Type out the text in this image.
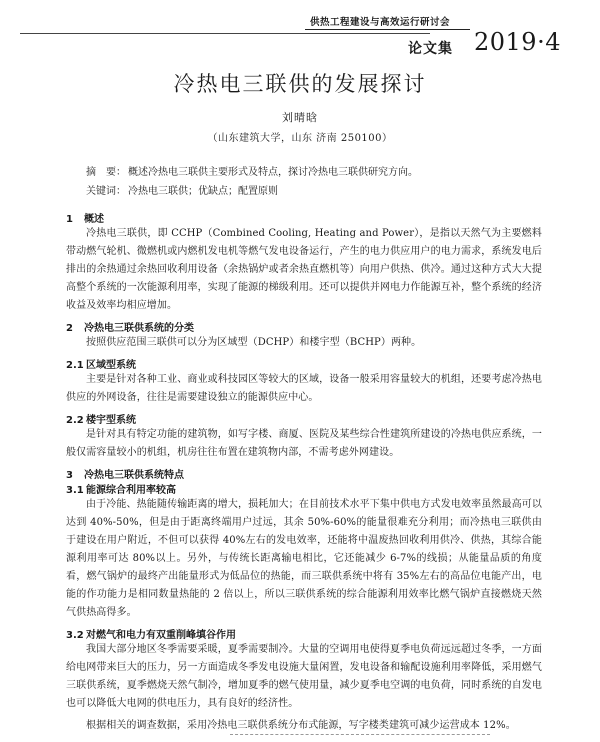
供热工程建设与高效运行研讨会
论文集 2019·4
冷热电三联供的发展探讨
刘晴晗
（山东建筑大学，山东 济南 250100）
摘　要： 概述冷热电三联供主要形式及特点，探讨冷热电三联供研究方向。
关键词： 冷热电三联供；优缺点；配置原则
1 概述

冷热电三联供，即 CCHP（Combined Cooling, Heating and Power），是指以天然气为主要燃料带动燃气轮机、微燃机或内燃机发电机等燃气发电设备运行，产生的电力供应用户的电力需求，系统发电后排出的余热通过余热回收利用设备（余热锅炉或者余热直燃机等）向用户供热、供冷。通过这种方式大大提高整个系统的一次能源利用率，实现了能源的梯级利用。还可以提供并网电力作能源互补，整个系统的经济收益及效率均相应增加。

2 冷热电三联供系统的分类

按照供应范围三联供可以分为区域型（DCHP）和楼宇型（BCHP）两种。

2.1 区域型系统

主要是针对各种工业、商业或科技园区等较大的区域，设备一般采用容量较大的机组，还要考虑冷热电供应的外网设备，往往是需要建设独立的能源供应中心。

2.2 楼宇型系统

是针对具有特定功能的建筑物，如写字楼、商厦、医院及某些综合性建筑所建设的冷热电供应系统，一般仅需容量较小的机组，机房往往布置在建筑物内部，不需考虑外网建设。

3 冷热电三联供系统特点
3.1 能源综合利用率较高

由于冷能、热能随传输距离的增大，损耗加大；在目前技术水平下集中供电方式发电效率虽然最高可以达到 40%-50%，但是由于距离终端用户过远，其余 50%-60%的能量很难充分利用；而冷热电三联供由于建设在用户附近，不但可以获得 40%左右的发电效率，还能将中温废热回收利用供冷、供热，其综合能源利用率可达 80%以上。另外，与传统长距离输电相比，它还能减少 6-7%的线损；从能量品质的角度看，燃气锅炉的最终产出能量形式为低品位的热能，而三联供系统中将有 35%左右的高品位电能产出，电能的作功能力是相同数量热能的 2 倍以上，所以三联供系统的综合能源利用效率比燃气锅炉直接燃烧天然气供热高得多。

3.2 对燃气和电力有双重削峰填谷作用

我国大部分地区冬季需要采暖，夏季需要制冷。大量的空调用电使得夏季电负荷远远超过冬季，一方面给电网带来巨大的压力，另一方面造成冬季发电设施大量闲置，发电设备和输配设施利用率降低，采用燃气三联供系统，夏季燃烧天然气制冷，增加夏季的燃气使用量，减少夏季电空调的电负荷，同时系统的自发电也可以降低大电网的供电压力，具有良好的经济性。

根据相关的调查数据，采用冷热电三联供系统分布式能源，写字楼类建筑可减少运营成本 12%。
